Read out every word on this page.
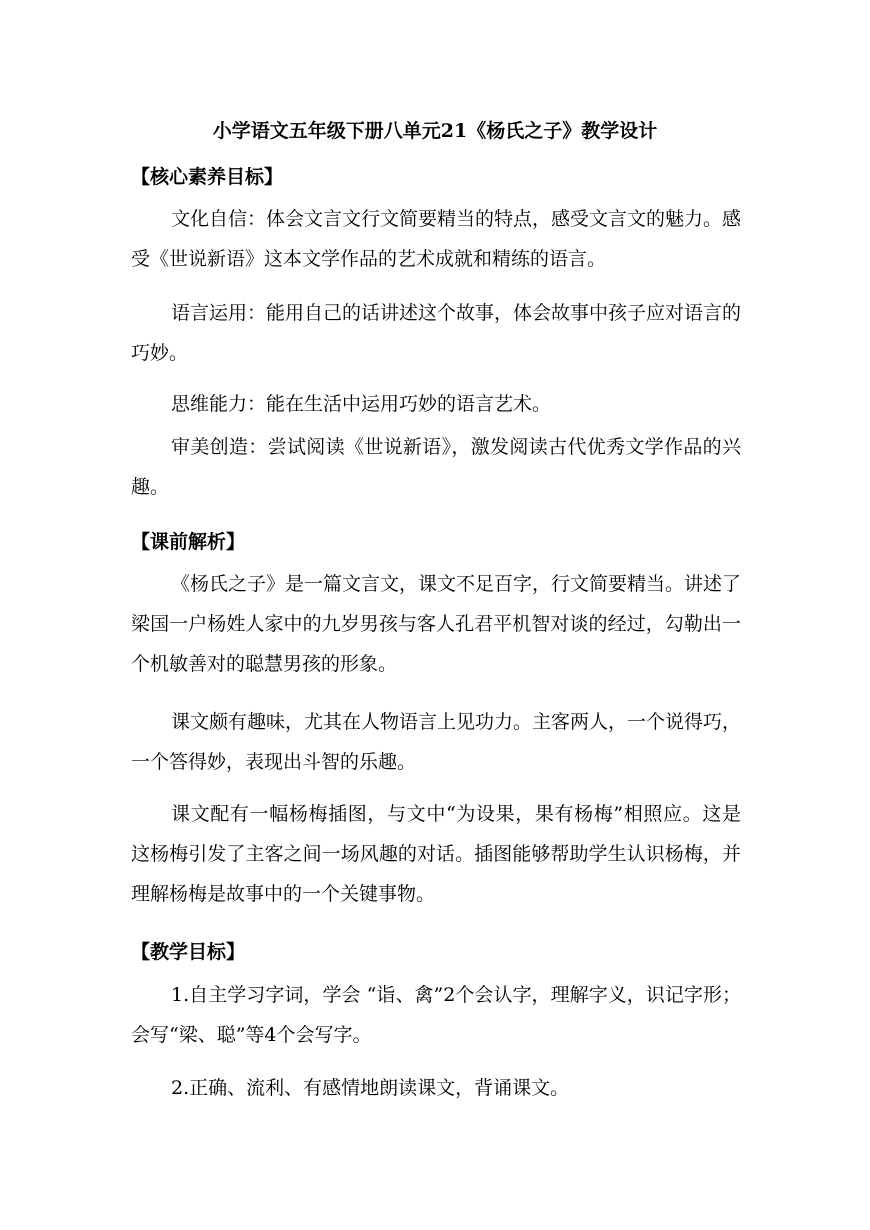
小学语文五年级下册八单元21《杨氏之子》教学设计
【核心素养目标】

文化自信：体会文言文行文简要精当的特点，感受文言文的魅力。感受《世说新语》这本文学作品的艺术成就和精练的语言。

语言运用：能用自己的话讲述这个故事，体会故事中孩子应对语言的巧妙。

思维能力：能在生活中运用巧妙的语言艺术。

审美创造：尝试阅读《世说新语》，激发阅读古代优秀文学作品的兴趣。

【课前解析】

《杨氏之子》是一篇文言文，课文不足百字，行文简要精当。讲述了梁国一户杨姓人家中的九岁男孩与客人孔君平机智对谈的经过，勾勒出一个机敏善对的聪慧男孩的形象。

课文颇有趣味，尤其在人物语言上见功力。主客两人，一个说得巧，一个答得妙，表现出斗智的乐趣。

课文配有一幅杨梅插图，与文中“为设果，果有杨梅”相照应。这是这杨梅引发了主客之间一场风趣的对话。插图能够帮助学生认识杨梅，并理解杨梅是故事中的一个关键事物。

【教学目标】

1.自主学习字词，学会 “诣、禽”2个会认字，理解字义，识记字形；会写“梁、聪”等4个会写字。

2.正确、流利、有感情地朗读课文，背诵课文。
